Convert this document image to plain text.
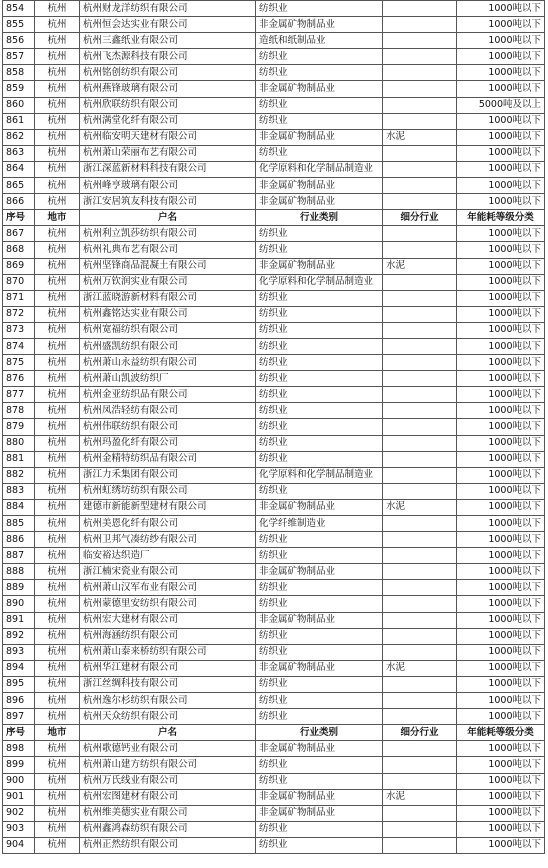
854	杭州	杭州财龙洋纺织有限公司	纺织业		1000吨以下
855	杭州	杭州恒会达实业有限公司	非金属矿物制品业		1000吨以下
856	杭州	杭州三鑫纸业有限公司	造纸和纸制品业		1000吨以下
857	杭州	杭州飞杰源科技有限公司	纺织业		1000吨以下
858	杭州	杭州铭创纺织有限公司	纺织业		1000吨以下
859	杭州	杭州燕锋玻璃有限公司	非金属矿物制品业		1000吨以下
860	杭州	杭州欣联纺织有限公司	纺织业		5000吨及以上
861	杭州	杭州满堂化纤有限公司	纺织业		1000吨以下
862	杭州	杭州临安明天建材有限公司	非金属矿物制品业	水泥	1000吨以下
863	杭州	杭州萧山荣丽布艺有限公司	纺织业		1000吨以下
864	杭州	浙江深蓝新材料科技有限公司	化学原料和化学制品制造业		1000吨以下
865	杭州	杭州峰亨玻璃有限公司	非金属矿物制品业		1000吨以下
866	杭州	浙江安居筑友科技有限公司	非金属矿物制品业		1000吨以下
序号	地市	户名	行业类别	细分行业	年能耗等级分类
867	杭州	杭州利立凯莎纺织有限公司	纺织业		1000吨以下
868	杭州	杭州礼典布艺有限公司	纺织业		1000吨以下
869	杭州	杭州坚锋商品混凝土有限公司	非金属矿物制品业	水泥	1000吨以下
870	杭州	杭州万钦润实业有限公司	化学原料和化学制品制造业		1000吨以下
871	杭州	浙江蓝晓游新材料有限公司	纺织业		1000吨以下
872	杭州	杭州鑫铭达实业有限公司	纺织业		1000吨以下
873	杭州	杭州宽福纺织有限公司	纺织业		1000吨以下
874	杭州	杭州盛凯纺织有限公司	纺织业		1000吨以下
875	杭州	杭州萧山永益纺织有限公司	纺织业		1000吨以下
876	杭州	杭州萧山凯波纺织厂	纺织业		1000吨以下
877	杭州	杭州金亚纺织品有限公司	纺织业		1000吨以下
878	杭州	杭州凤浩轻纺有限公司	纺织业		1000吨以下
879	杭州	杭州伟联纺织有限公司	纺织业		1000吨以下
880	杭州	杭州玛盈化纤有限公司	纺织业		1000吨以下
881	杭州	杭州金精特纺织品有限公司	纺织业		1000吨以下
882	杭州	浙江力禾集团有限公司	化学原料和化学制品制造业		1000吨以下
883	杭州	杭州虹绣坊纺织有限公司	纺织业		1000吨以下
884	杭州	建德市新能新型建材有限公司	非金属矿物制品业	水泥	1000吨以下
885	杭州	杭州美恩化纤有限公司	化学纤维制造业		1000吨以下
886	杭州	杭州卫邦气凑纺纱有限公司	纺织业		1000吨以下
887	杭州	临安裕达织造厂	纺织业		1000吨以下
888	杭州	浙江楠宋瓷业有限公司	非金属矿物制品业		1000吨以下
889	杭州	杭州萧山汉军布业有限公司	纺织业		1000吨以下
890	杭州	杭州蒙德里安纺织有限公司	纺织业		1000吨以下
891	杭州	杭州宏大建材有限公司	非金属矿物制品业		1000吨以下
892	杭州	杭州海涵纺织有限公司	纺织业		1000吨以下
893	杭州	杭州萧山泰来桥纺织有限公司	纺织业		1000吨以下
894	杭州	杭州华江建材有限公司	非金属矿物制品业	水泥	1000吨以下
895	杭州	浙江丝绸科技有限公司	纺织业		1000吨以下
896	杭州	杭州逸尔杉纺织有限公司	纺织业		1000吨以下
897	杭州	杭州天众纺织有限公司	纺织业		1000吨以下
序号	地市	户名	行业类别	细分行业	年能耗等级分类
898	杭州	杭州歌德钙业有限公司	非金属矿物制品业		1000吨以下
899	杭州	杭州萧山建方纺织有限公司	纺织业		1000吨以下
900	杭州	杭州万氏线业有限公司	纺织业		1000吨以下
901	杭州	杭州宏图建材有限公司	非金属矿物制品业	水泥	1000吨以下
902	杭州	杭州维美德实业有限公司	非金属矿物制品业		1000吨以下
903	杭州	杭州鑫鸿森纺织有限公司	纺织业		1000吨以下
904	杭州	杭州正然纺织有限公司	纺织业		1000吨以下
